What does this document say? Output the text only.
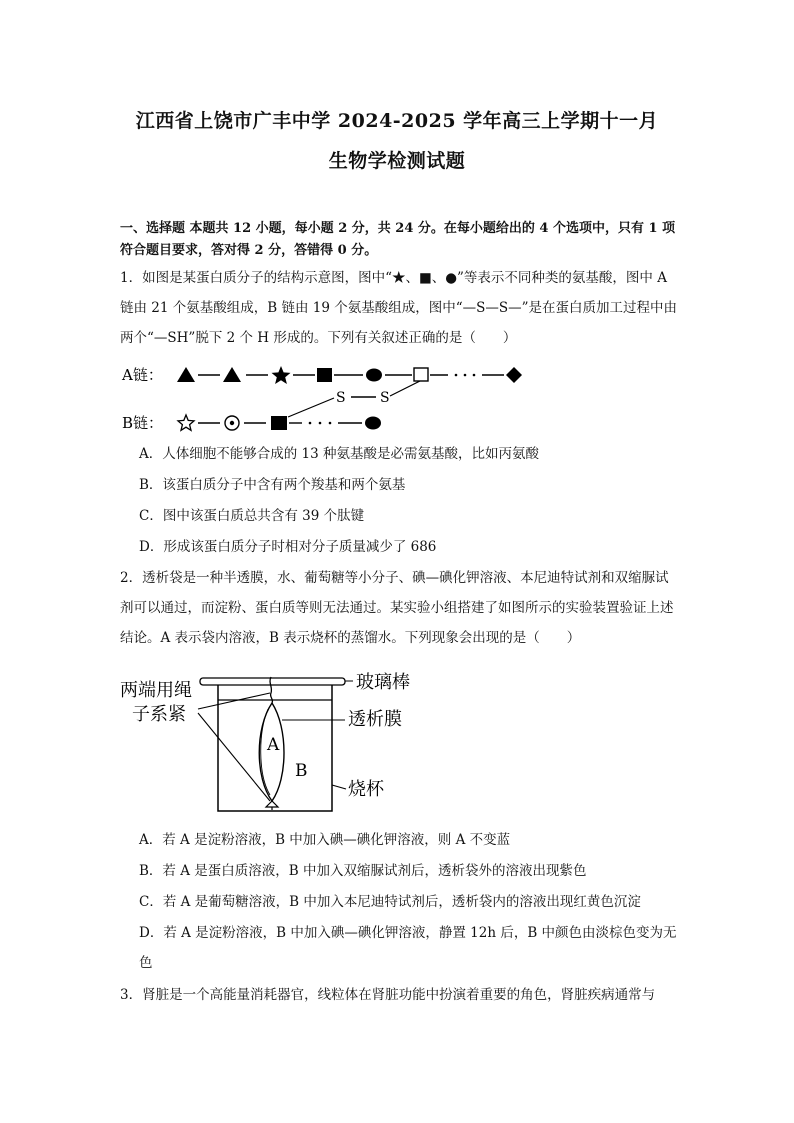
江西省上饶市广丰中学 2024-2025 学年高三上学期十一月
生物学检测试题
一、选择题 本题共 12 小题，每小题 2 分，共 24 分。在每小题给出的 4 个选项中，只有 1 项符合题目要求，答对得 2 分，答错得 0 分。
1．如图是某蛋白质分子的结构示意图，图中“★、■、●”等表示不同种类的氨基酸，图中 A 链由 21 个氨基酸组成，B 链由 19 个氨基酸组成，图中“—S—S—”是在蛋白质加工过程中由两个“—SH”脱下 2 个 H 形成的。下列有关叙述正确的是（　　）
A链：
B链：
S S
A．人体细胞不能够合成的 13 种氨基酸是必需氨基酸，比如丙氨酸
B．该蛋白质分子中含有两个羧基和两个氨基
C．图中该蛋白质总共含有 39 个肽键
D．形成该蛋白质分子时相对分子质量减少了 686
2．透析袋是一种半透膜，水、葡萄糖等小分子、碘—碘化钾溶液、本尼迪特试剂和双缩脲试剂可以通过，而淀粉、蛋白质等则无法通过。某实验小组搭建了如图所示的实验装置验证上述结论。A 表示袋内溶液，B 表示烧杯的蒸馏水。下列现象会出现的是（　　）
玻璃棒
A
B
两端用绳
子系紧	透析膜
烧杯
A．若 A 是淀粉溶液，B 中加入碘—碘化钾溶液，则 A 不变蓝
B．若 A 是蛋白质溶液，B 中加入双缩脲试剂后，透析袋外的溶液出现紫色
C．若 A 是葡萄糖溶液，B 中加入本尼迪特试剂后，透析袋内的溶液出现红黄色沉淀
D．若 A 是淀粉溶液，B 中加入碘—碘化钾溶液，静置 12h 后，B 中颜色由淡棕色变为无色
3．肾脏是一个高能量消耗器官，线粒体在肾脏功能中扮演着重要的角色，肾脏疾病通常与
